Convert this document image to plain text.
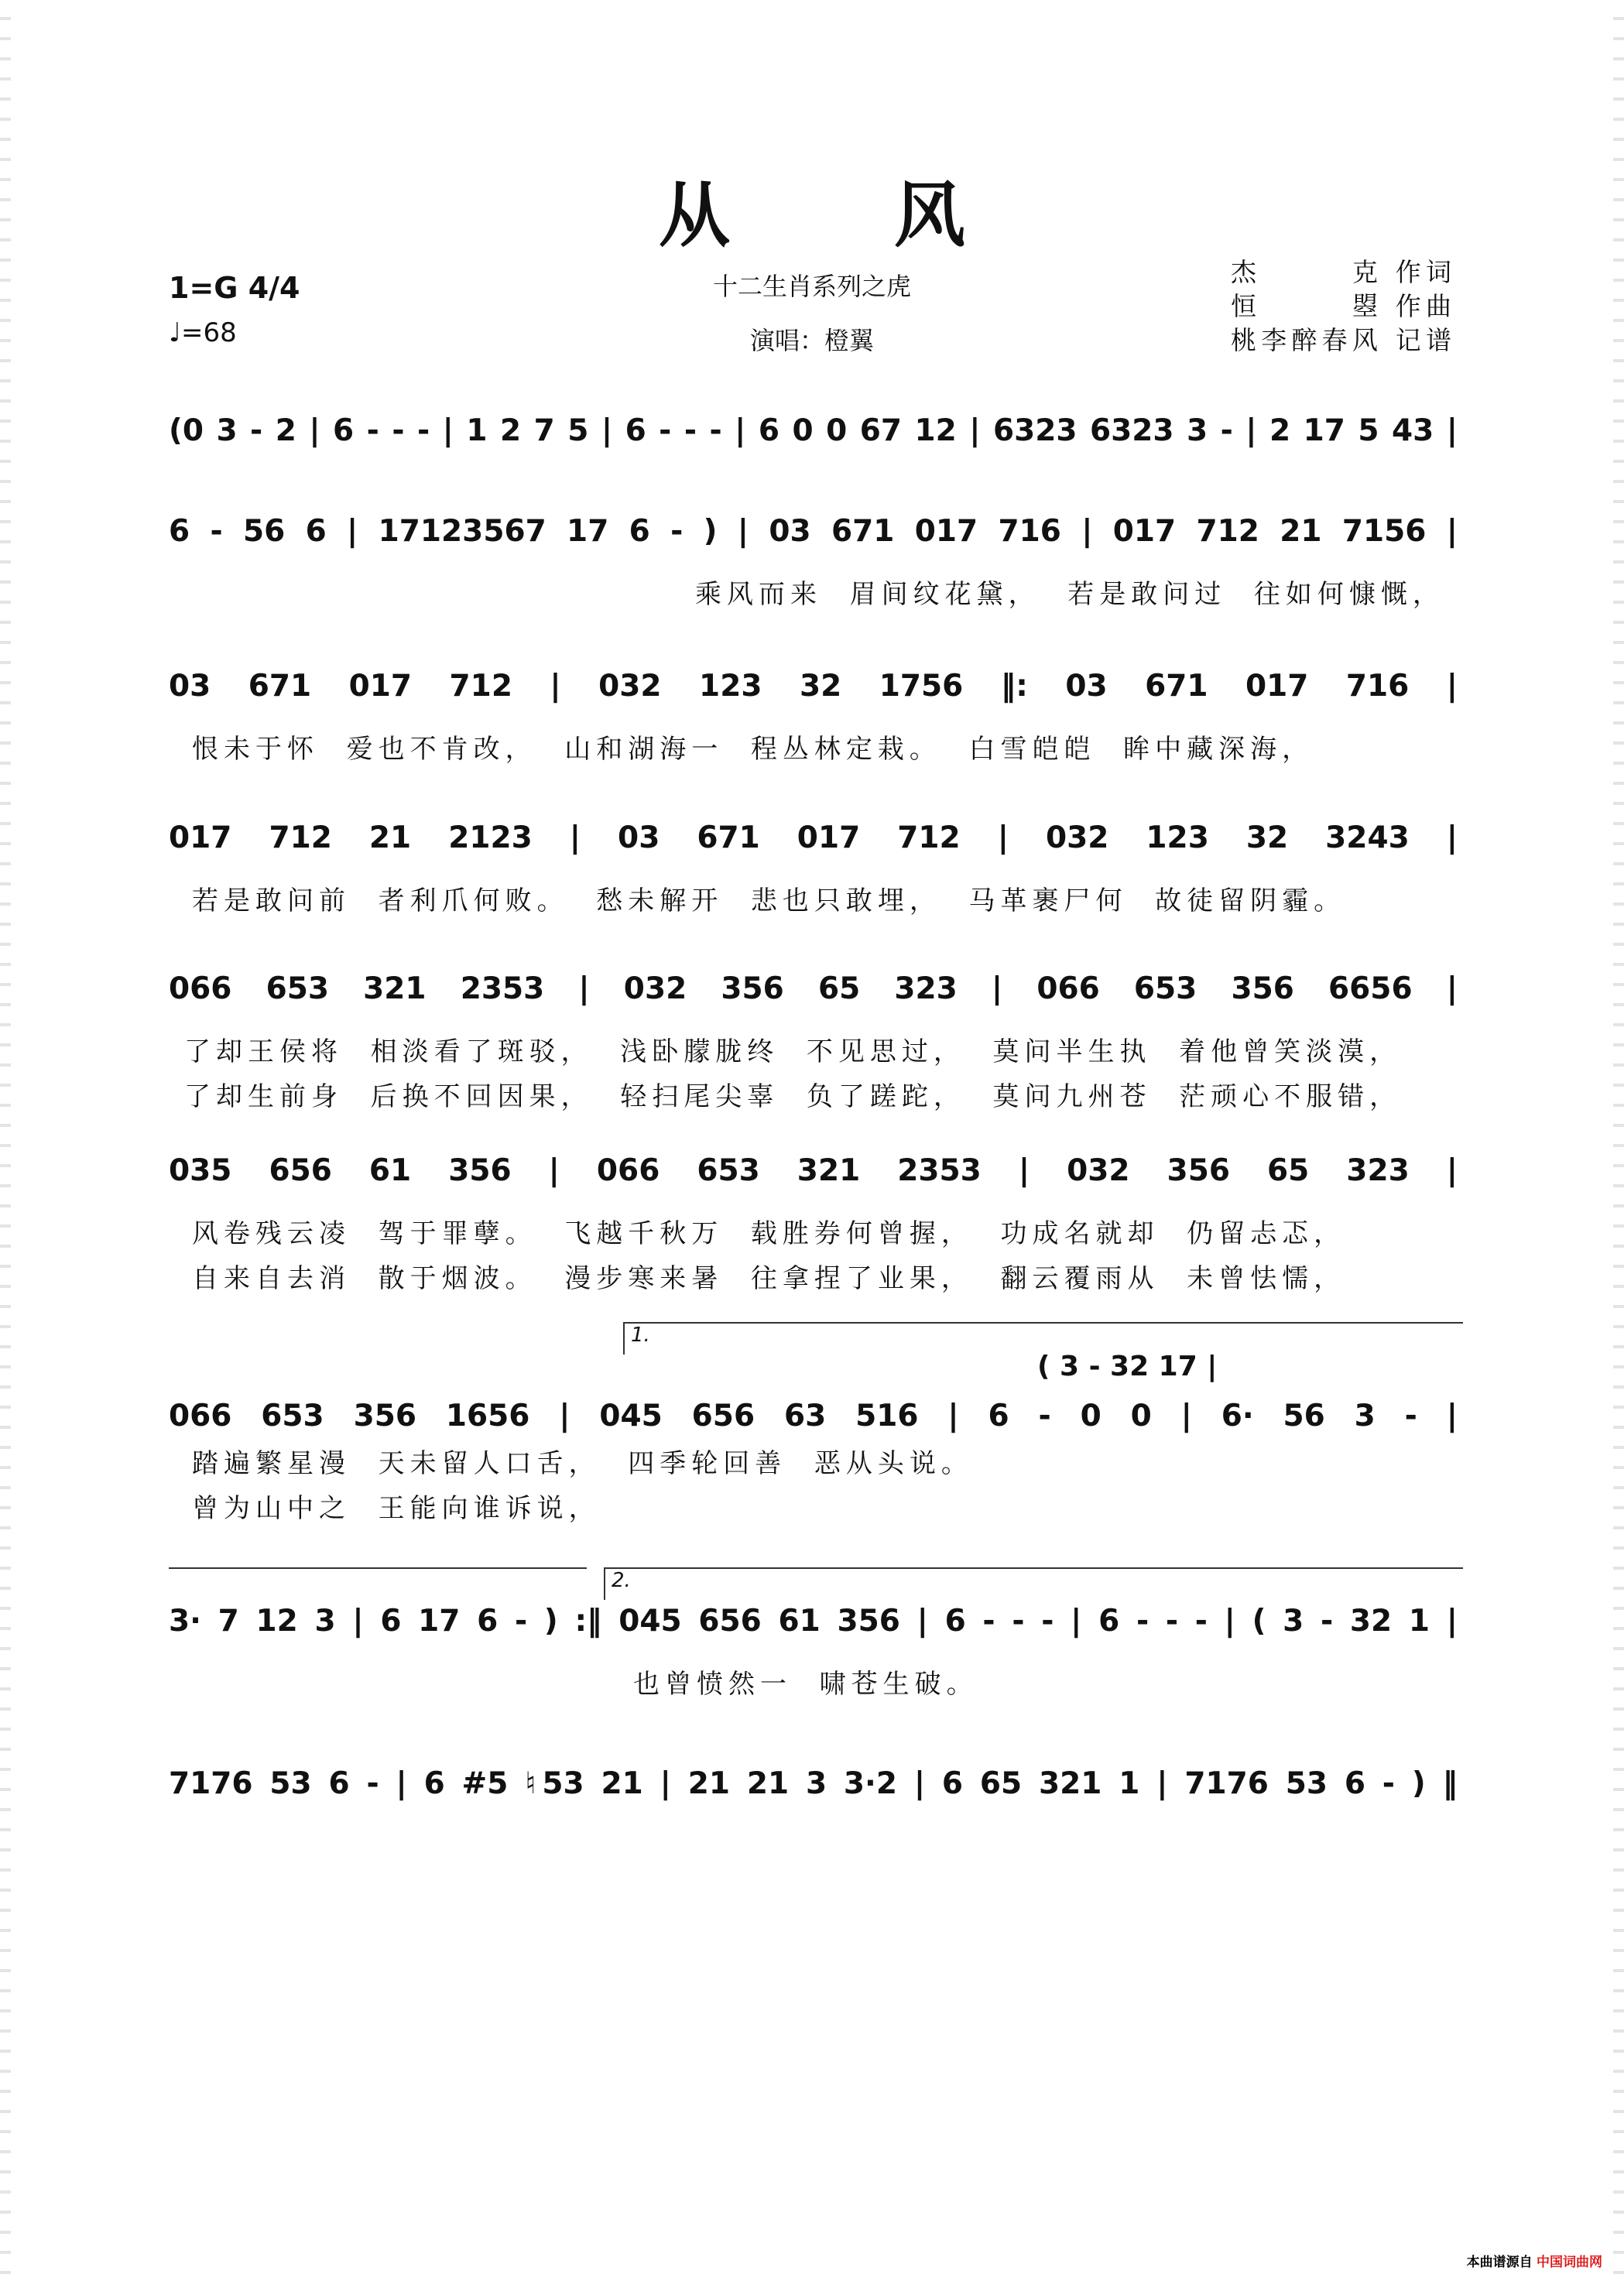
从 风
十二生肖系列之虎
演唱：橙翼
1=G 4/4
♩=68
杰　　　克 作词
恒　　　曌 作曲
桃李醉春风 记谱
(0 3 - 2 | 6 - - - | 1 2 7 5 | 6 - - - | 6 0 0 67 12 | 6323 6323 3 - | 2 17 5 43 |
6 - 56 6 | 17123567 17 6 - ) | 03 671 017 716 | 017 712 21 7156 |
乘风而来  眉间纹花黛，  若是敢问过  往如何慷慨，
03 671 017 712 | 032 123 32 1756 ‖: 03 671 017 716 |
恨未于怀  爱也不肯改，  山和湖海一  程丛林定栽。  白雪皑皑  眸中藏深海，
017 712 21 2123 | 03 671 017 712 | 032 123 32 3243 |
若是敢问前  者利爪何败。  愁未解开  悲也只敢埋，  马革裹尸何  故徒留阴霾。
066 653 321 2353 | 032 356 65 323 | 066 653 356 6656 |
了却王侯将  相淡看了斑驳，  浅卧朦胧终  不见思过，  莫问半生执  着他曾笑淡漠，
了却生前身  后换不回因果，  轻扫尾尖辜  负了蹉跎，  莫问九州苍  茫顽心不服错，
035 656 61 356 | 066 653 321 2353 | 032 356 65 323 |
风卷残云凌  驾于罪孽。  飞越千秋万  载胜券何曾握，  功成名就却  仍留忐忑，
自来自去消  散于烟波。  漫步寒来暑  往拿捏了业果，  翻云覆雨从  未曾怯懦，
1.
( 3 - 32 17 |
066 653 356 1656 | 045 656 63 516 | 6 - 0 0 | 6· 56 3 - |
踏遍繁星漫  天未留人口舌，  四季轮回善  恶从头说。
曾为山中之  王能向谁诉说，
2.
3· 7 12 3 | 6 17 6 - ) :‖ 045 656 61 356 | 6 - - - | 6 - - - | ( 3 - 32 1 |
也曾愤然一  啸苍生破。
7176 53 6 - | 6 #5 ♮53 21 | 21 21 3 3·2 | 6 65 321 1 | 7176 53 6 - ) ‖
本曲谱源自 中国词曲网
